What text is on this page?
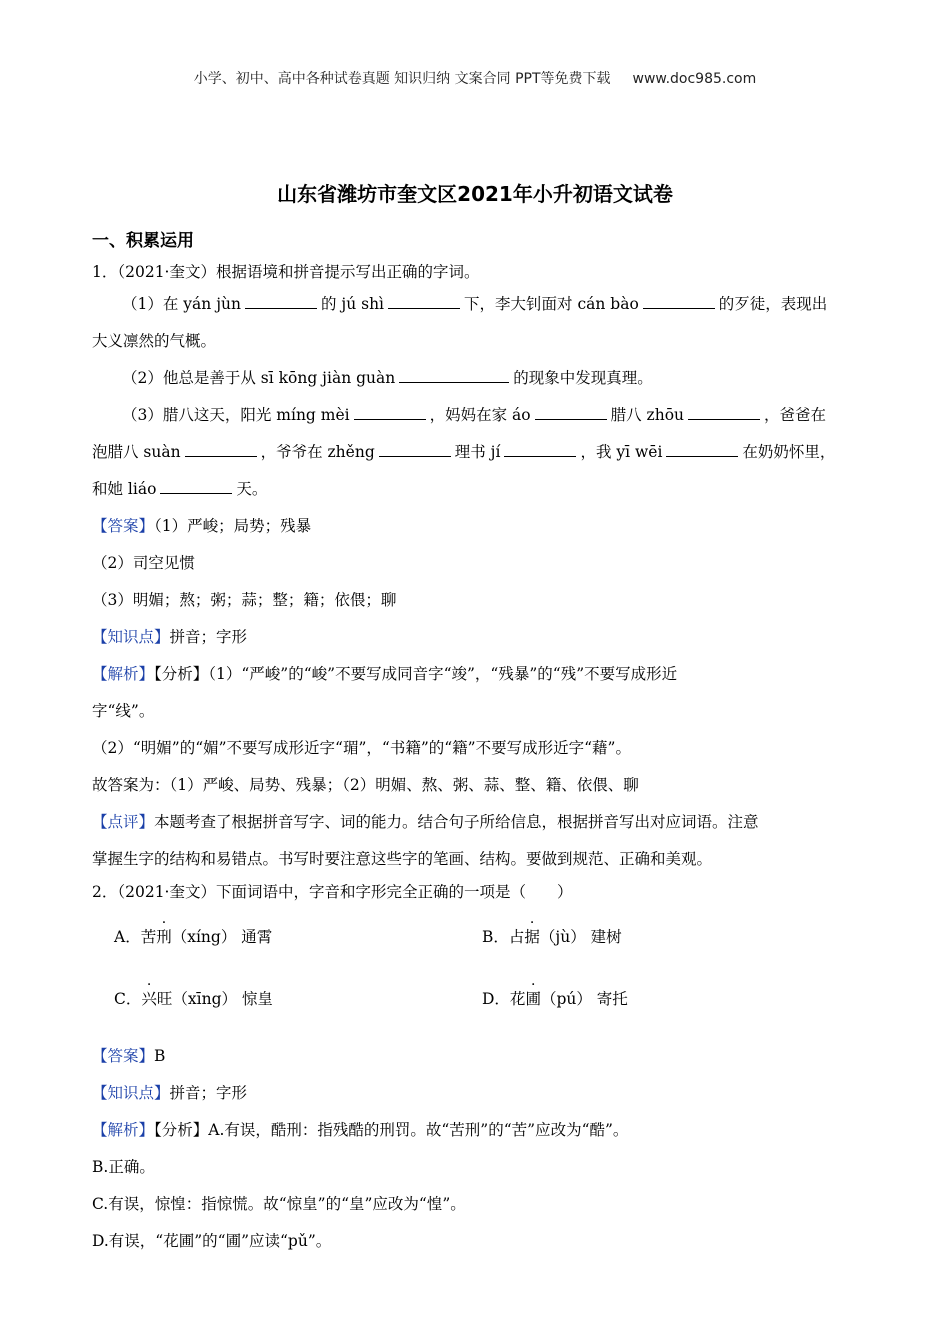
小学、初中、高中各种试卷真题 知识归纳 文案合同 PPT等免费下载 www.doc985.com
山东省潍坊市奎文区2021年小升初语文试卷
一、积累运用
1．（2021·奎文）根据语境和拼音提示写出正确的字词。
（1）在 yán jùn	的 jú shì	下，李大钊面对 cán bào	的歹徒，表现出
大义凛然的气概。
（2）他总是善于从 sī kōng jiàn guàn	的现象中发现真理。
（3）腊八这天，阳光 míng mèi	，妈妈在家 áo	腊八 zhōu	，爸爸在
泡腊八 suàn	，爷爷在 zhěng	理书 jí	，我 yī wēi	在奶奶怀里，
和她 liáo	天。
【答案】（1）严峻；局势；残暴
（2）司空见惯
（3）明媚；熬；粥；蒜；整；籍；依偎；聊
【知识点】拼音；字形
【解析】【分析】（1）“严峻”的“峻”不要写成同音字“竣”，“残暴”的“残”不要写成形近
字“线”。
（2）“明媚”的“媚”不要写成形近字“瑂”，“书籍”的“籍”不要写成形近字“藉”。
故答案为：（1）严峻、局势、残暴；（2）明媚、熬、粥、蒜、整、籍、依偎、聊
【点评】本题考查了根据拼音写字、词的能力。结合句子所给信息，根据拼音写出对应词语。注意
掌握生字的结构和易错点。书写时要注意这些字的笔画、结构。要做到规范、正确和美观。
2．（2021·奎文）下面词语中，字音和字形完全正确的一项是（　　）
A．苦刑（xíng） 通霄	B．占据（jù） 建树
C．兴旺（xīng） 惊皇	D．花圃（pú） 寄托
【答案】B
【知识点】拼音；字形
【解析】【分析】A.有误，酷刑：指残酷的刑罚。故“苦刑”的“苦”应改为“酷”。
B.正确。
C.有误，惊惶：指惊慌。故“惊皇”的“皇”应改为“惶”。
D.有误，“花圃”的“圃”应读“pǔ”。
